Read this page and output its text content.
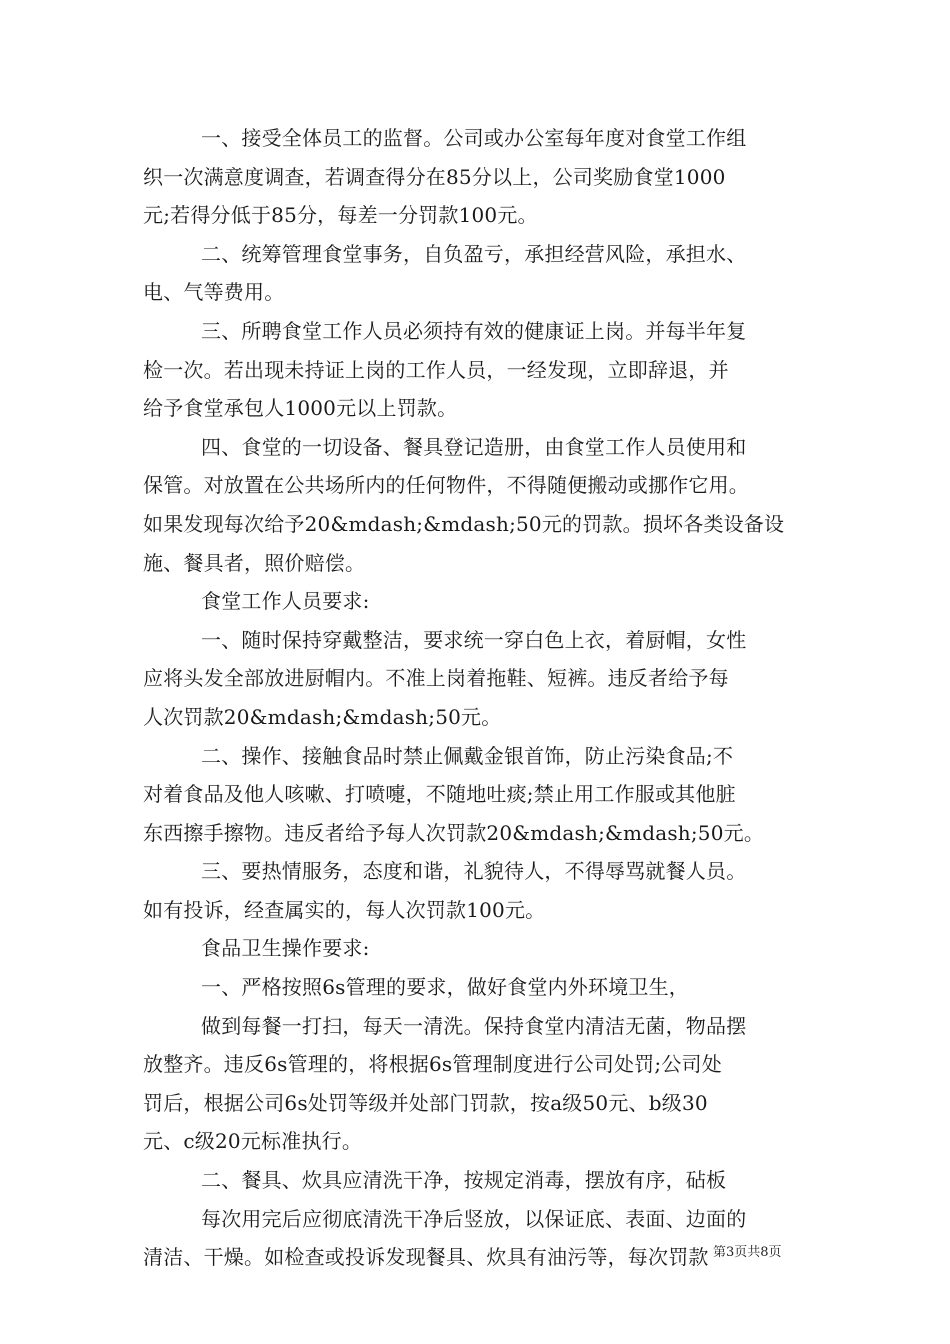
一、接受全体员工的监督。公司或办公室每年度对食堂工作组
织一次满意度调查，若调查得分在85分以上，公司奖励食堂1000
元;若得分低于85分，每差一分罚款100元。
二、统筹管理食堂事务，自负盈亏，承担经营风险，承担水、
电、气等费用。
三、所聘食堂工作人员必须持有效的健康证上岗。并每半年复
检一次。若出现未持证上岗的工作人员，一经发现，立即辞退，并
给予食堂承包人1000元以上罚款。
四、食堂的一切设备、餐具登记造册，由食堂工作人员使用和
保管。对放置在公共场所内的任何物件，不得随便搬动或挪作它用。
如果发现每次给予20&mdash;&mdash;50元的罚款。损坏各类设备设
施、餐具者，照价赔偿。
食堂工作人员要求:
一、随时保持穿戴整洁，要求统一穿白色上衣，着厨帽，女性
应将头发全部放进厨帽内。不准上岗着拖鞋、短裤。违反者给予每
人次罚款20&mdash;&mdash;50元。
二、操作、接触食品时禁止佩戴金银首饰，防止污染食品;不
对着食品及他人咳嗽、打喷嚏，不随地吐痰;禁止用工作服或其他脏
东西擦手擦物。违反者给予每人次罚款20&mdash;&mdash;50元。
三、要热情服务，态度和谐，礼貌待人，不得辱骂就餐人员。
如有投诉，经查属实的，每人次罚款100元。
食品卫生操作要求:
一、严格按照6s管理的要求，做好食堂内外环境卫生，
做到每餐一打扫，每天一清洗。保持食堂内清洁无菌，物品摆
放整齐。违反6s管理的，将根据6s管理制度进行公司处罚;公司处
罚后，根据公司6s处罚等级并处部门罚款，按a级50元、b级30
元、c级20元标准执行。
二、餐具、炊具应清洗干净，按规定消毒，摆放有序，砧板
每次用完后应彻底清洗干净后竖放，以保证底、表面、边面的
清洁、干燥。如检查或投诉发现餐具、炊具有油污等，每次罚款 第3页共8页
